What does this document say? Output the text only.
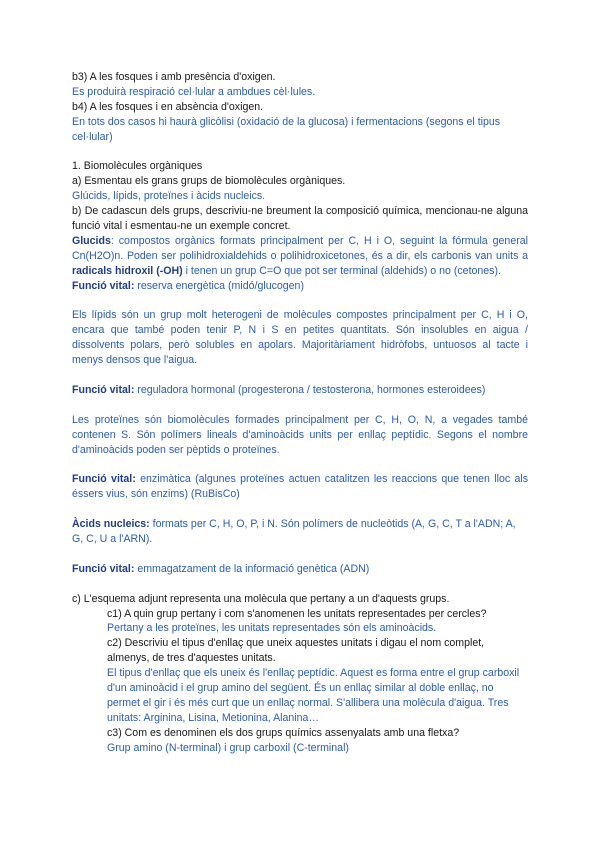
b3) A les fosques i amb presència d'oxigen.

Es produirà respiració cel·lular a ambdues cèl·lules.

b4) A les fosques i en absència d'oxigen.

En tots dos casos hi haurà glicòlisi (oxidació de la glucosa) i fermentacions (segons el tipus cel·lular)

1. Biomolècules orgàniques

a) Esmentau els grans grups de biomolècules orgàniques.

Glúcids, lípids, proteïnes i àcids nucleics.

b) De cadascun dels grups, descriviu-ne breument la composició química, mencionau-ne alguna funció vital i esmentau-ne un exemple concret.

Glucids: compostos orgànics formats principalment per C, H i O, seguint la fórmula general Cn(H2O)n. Poden ser polihidroxialdehids o polihidroxicetones, és a dir, els carbonis van units a radicals hidroxil (-OH) i tenen un grup C=O que pot ser terminal (aldehids) o no (cetones).

Funció vital: reserva energètica (midó/glucogen)

Els lípids són un grup molt heterogeni de molècules compostes principalment per C, H i O, encara que també poden tenir P, N i S en petites quantitats. Són insolubles en aigua / dissolvents polars, però solubles en apolars. Majoritàriament hidròfobs, untuosos al tacte i menys densos que l'aigua.

Funció vital: reguladora hormonal (progesterona / testosterona, hormones esteroidees)

Les proteïnes són biomolècules formades principalment per C, H, O, N, a vegades també contenen S. Són polímers lineals d'aminoàcids units per enllaç peptídic. Segons el nombre d'aminoàcids poden ser pèptids o proteïnes.

Funció vital: enzimàtica (algunes proteïnes actuen catalitzen les reaccions que tenen lloc als éssers vius, són enzims) (RuBisCo)

Àcids nucleics: formats per C, H, O, P, i N. Són polímers de nucleòtids (A, G, C, T a l'ADN; A, G, C, U a l'ARN).

Funció vital: emmagatzament de la informació genètica (ADN)

c) L'esquema adjunt representa una molècula que pertany a un d'aquests grups.

c1) A quin grup pertany i com s'anomenen les unitats representades per cercles?

Pertany a les proteïnes, les unitats representades són els aminoàcids.

c2) Descriviu el tipus d'enllaç que uneix aquestes unitats i digau el nom complet, almenys, de tres d'aquestes unitats.

El tipus d'enllaç que els uneix és l'enllaç peptídic. Aquest es forma entre el grup carboxil d'un aminoàcid i el grup amino del següent. És un enllaç similar al doble enllaç, no permet el gir i és més curt que un enllaç normal. S'allibera una molècula d'aigua. Tres unitats: Arginina, Lisina, Metionina, Alanina…

c3) Com es denominen els dos grups químics assenyalats amb una fletxa?

Grup amino (N-terminal) i grup carboxil (C-terminal)
